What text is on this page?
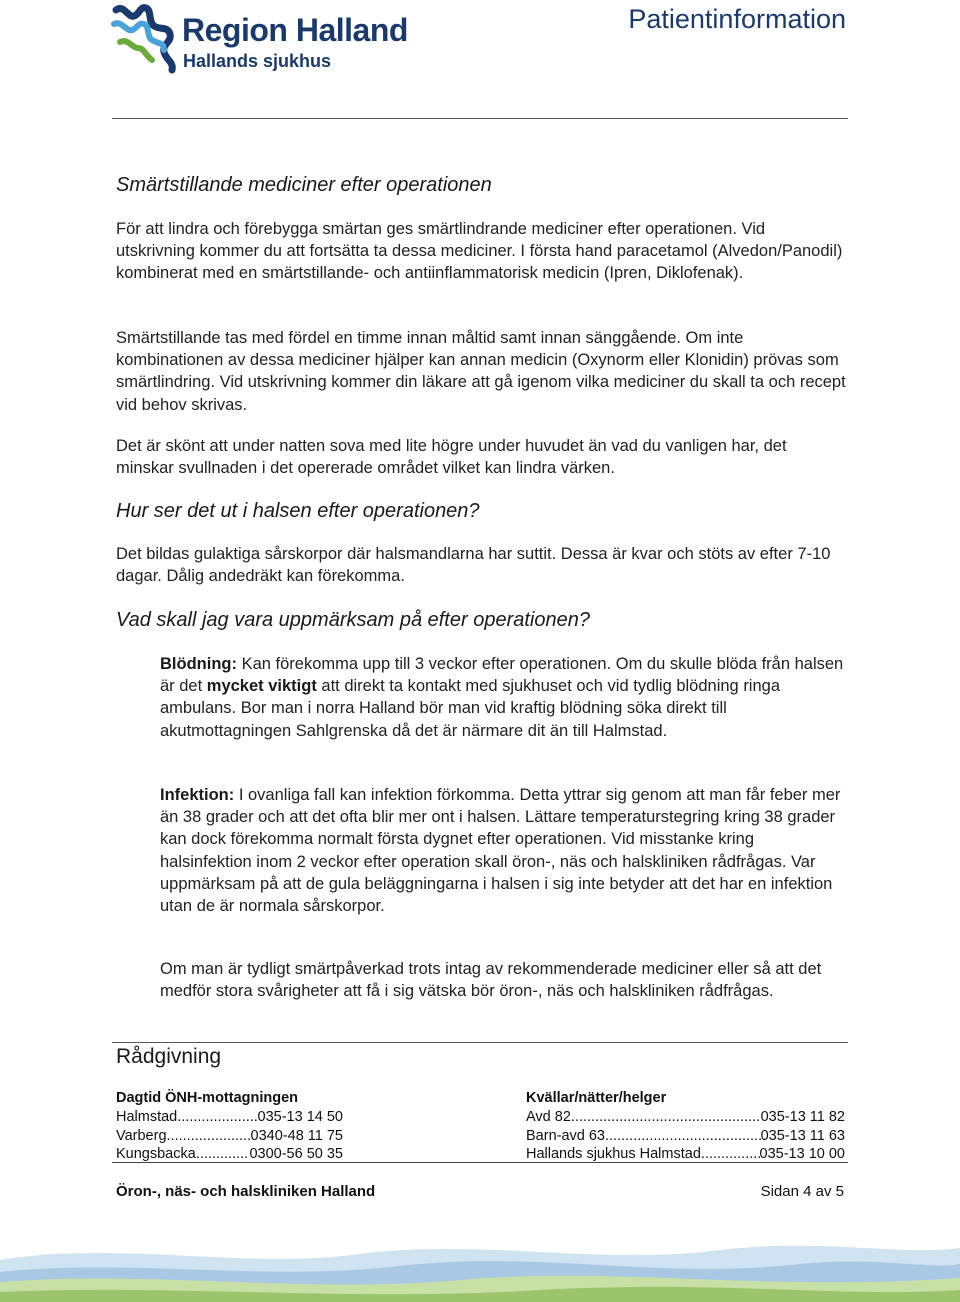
Region Halland
Hallands sjukhus
Patientinformation
Smärtstillande mediciner efter operationen
För att lindra och förebygga smärtan ges smärtlindrande mediciner efter operationen. Vid utskrivning kommer du att fortsätta ta dessa mediciner. I första hand paracetamol (Alvedon/Panodil) kombinerat med en smärtstillande- och antiinflammatorisk medicin (Ipren, Diklofenak).
Smärtstillande tas med fördel en timme innan måltid samt innan sänggående. Om inte kombinationen av dessa mediciner hjälper kan annan medicin (Oxynorm eller Klonidin) prövas som smärtlindring. Vid utskrivning kommer din läkare att gå igenom vilka mediciner du skall ta och recept vid behov skrivas.
Det är skönt att under natten sova med lite högre under huvudet än vad du vanligen har, det minskar svullnaden i det opererade området vilket kan lindra värken.
Hur ser det ut i halsen efter operationen?
Det bildas gulaktiga sårskorpor där halsmandlarna har suttit. Dessa är kvar och stöts av efter 7-10 dagar. Dålig andedräkt kan förekomma.
Vad skall jag vara uppmärksam på efter operationen?
Blödning: Kan förekomma upp till 3 veckor efter operationen. Om du skulle blöda från halsen är det mycket viktigt att direkt ta kontakt med sjukhuset och vid tydlig blödning ringa ambulans. Bor man i norra Halland bör man vid kraftig blödning söka direkt till akutmottagningen Sahlgrenska då det är närmare dit än till Halmstad.
Infektion: I ovanliga fall kan infektion förkomma. Detta yttrar sig genom att man får feber mer än 38 grader och att det ofta blir mer ont i halsen. Lättare temperaturstegring kring 38 grader kan dock förekomma normalt första dygnet efter operationen. Vid misstanke kring halsinfektion inom 2 veckor efter operation skall öron-, näs och halskliniken rådfrågas. Var uppmärksam på att de gula beläggningarna i halsen i sig inte betyder att det har en infektion utan de är normala sårskorpor.
Om man är tydligt smärtpåverkad trots intag av rekommenderade mediciner eller så att det medför stora svårigheter att få i sig vätska bör öron-, näs och halskliniken rådfrågas.
Rådgivning
Dagtid ÖNH-mottagningen
Halmstad .....	035-13 14 50
Varberg .....	0340-48 11 75
Kungsbacka .....	0300-56 50 35
Kvällar/nätter/helger
Avd 82 .....	035-13 11 82
Barn-avd 63 .....	035-13 11 63
Hallands sjukhus Halmstad .....	035-13 10 00
Öron-, näs- och halskliniken Halland	Sidan 4 av 5
